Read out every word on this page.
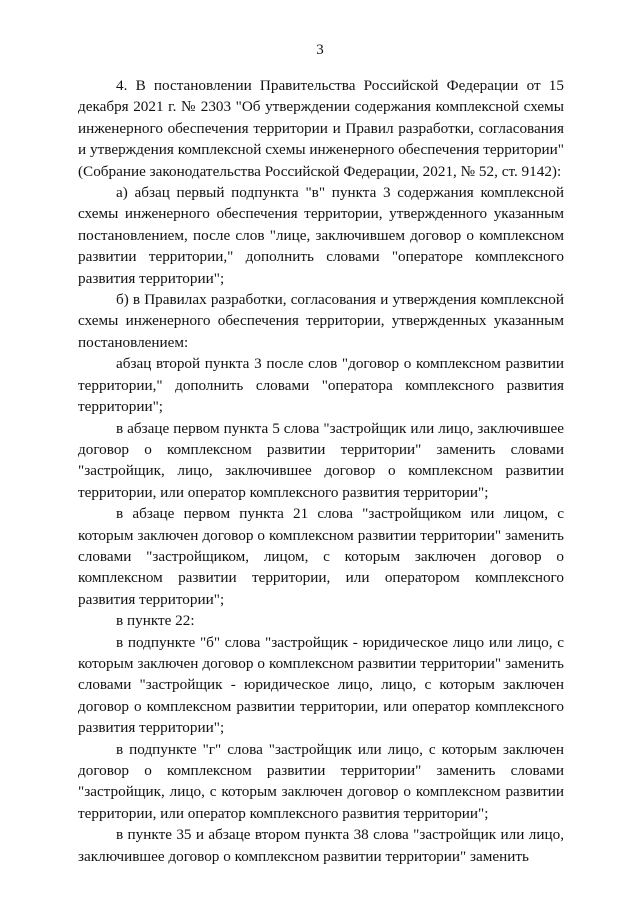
3

4. В постановлении Правительства Российской Федерации от 15 декабря 2021 г. № 2303 "Об утверждении содержания комплексной схемы инженерного обеспечения территории и Правил разработки, согласования и утверждения комплексной схемы инженерного обеспечения территории" (Собрание законодательства Российской Федерации, 2021, № 52, ст. 9142):

а) абзац первый подпункта "в" пункта 3 содержания комплексной схемы инженерного обеспечения территории, утвержденного указанным постановлением, после слов "лице, заключившем договор о комплексном развитии территории," дополнить словами "операторе комплексного развития территории";

б) в Правилах разработки, согласования и утверждения комплексной схемы инженерного обеспечения территории, утвержденных указанным постановлением:

абзац второй пункта 3 после слов "договор о комплексном развитии территории," дополнить словами "оператора комплексного развития территории";

в абзаце первом пункта 5 слова "застройщик или лицо, заключившее договор о комплексном развитии территории" заменить словами "застройщик, лицо, заключившее договор о комплексном развитии территории, или оператор комплексного развития территории";

в абзаце первом пункта 21 слова "застройщиком или лицом, с которым заключен договор о комплексном развитии территории" заменить словами "застройщиком, лицом, с которым заключен договор о комплексном развитии территории, или оператором комплексного развития территории";

в пункте 22:

в подпункте "б" слова "застройщик - юридическое лицо или лицо, с которым заключен договор о комплексном развитии территории" заменить словами "застройщик - юридическое лицо, лицо, с которым заключен договор о комплексном развитии территории, или оператор комплексного развития территории";

в подпункте "г" слова "застройщик или лицо, с которым заключен договор о комплексном развитии территории" заменить словами "застройщик, лицо, с которым заключен договор о комплексном развитии территории, или оператор комплексного развития территории";

в пункте 35 и абзаце втором пункта 38 слова "застройщик или лицо, заключившее договор о комплексном развитии территории" заменить
